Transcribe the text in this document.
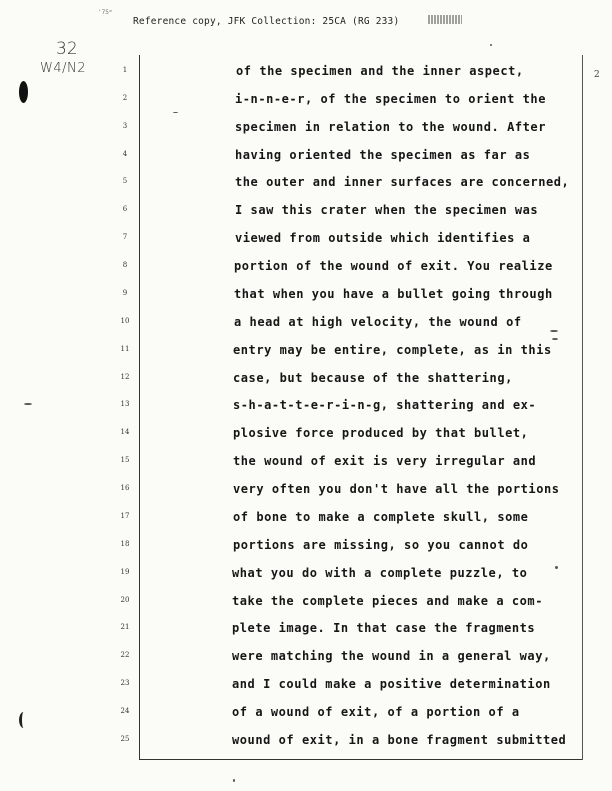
'75ᵐ
Reference copy, JFK Collection: 25CA (RG 233)
32
W4/N2	2
1
2
3
4
5
6
7
8
9
10
11
12
13
14
15
16
17
18
19
20
21
22
23
24
25
of the specimen and the inner aspect,
i-n-n-e-r, of the specimen to orient the
specimen in relation to the wound. After
having oriented the specimen as far as
the outer and inner surfaces are concerned,
I saw this crater when the specimen was
viewed from outside which identifies a
portion of the wound of exit. You realize
that when you have a bullet going through
a head at high velocity, the wound of
entry may be entire, complete, as in this
case, but because of the shattering,
s-h-a-t-t-e-r-i-n-g, shattering and ex-
plosive force produced by that bullet,
the wound of exit is very irregular and
very often you don't have all the portions
of bone to make a complete skull, some
portions are missing, so you cannot do
what you do with a complete puzzle, to
take the complete pieces and make a com-
plete image. In that case the fragments
were matching the wound in a general way,
and I could make a positive determination
of a wound of exit, of a portion of a
wound of exit, in a bone fragment submitted
